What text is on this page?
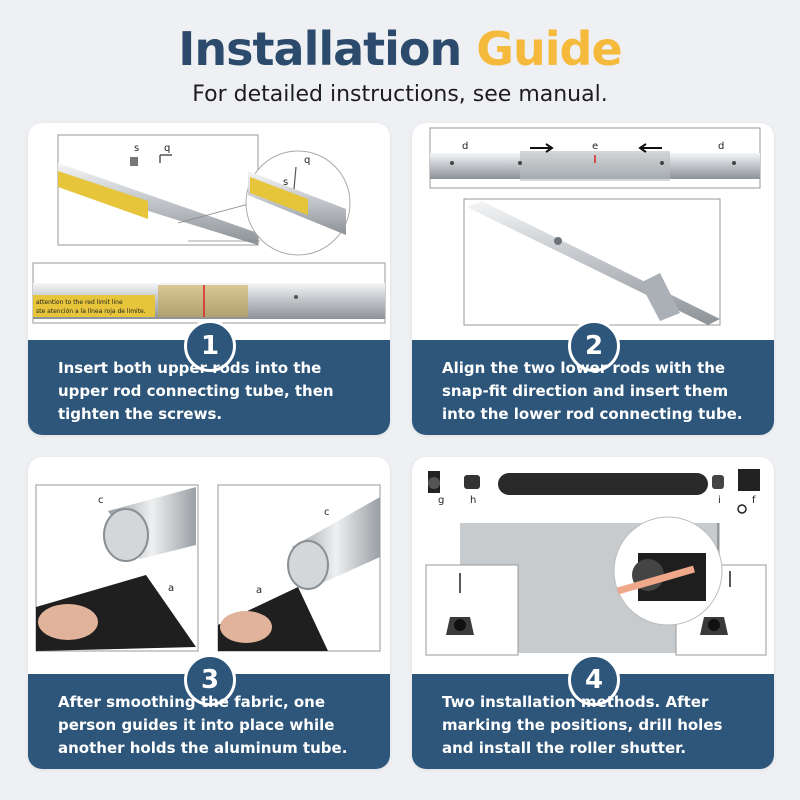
Installation Guide
For detailed instructions, see manual.
s q
q
s
attention to the red limit line
ste atención a la línea roja de límite.
1
Insert both upper rods into the upper rod connecting tube, then tighten the screws.
d	e	d
2
Align the two lower rods with the snap-fit direction and insert them into the lower rod connecting tube.
c
a
c
a
3
After smoothing the fabric, one person guides it into place while another holds the aluminum tube.
g	h	i	f
4
Two installation methods. After marking the positions, drill holes and install the roller shutter.
